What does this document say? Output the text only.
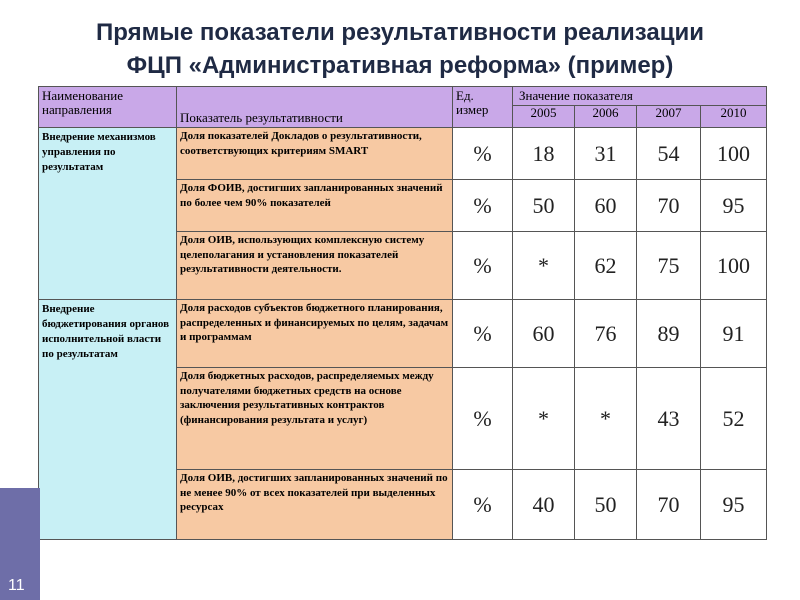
Прямые показатели результативности реализации
ФЦП «Административная реформа» (пример)
Наименование направления	Показатель результативности	Ед. измер	Значение показателя			

			2005	2006	2007	2010

Внедрение механизмов управления по результатам	Доля показателей Докладов о результативности, соответствующих критериям SMART	%	18	31	54	100

	Доля ФОИВ, достигших запланированных значений по более чем 90% показателей	%	50	60	70	95

	Доля ОИВ, использующих комплексную систему целеполагания и установления показателей результативности деятельности.	%	*	62	75	100

Внедрение бюджетирования органов исполнительной власти по результатам	Доля расходов субъектов бюджетного планирования, распределенных и финансируемых по целям, задачам и программам	%	60	76	89	91

	Доля бюджетных расходов, распределяемых между получателями бюджетных средств на основе заключения результативных контрактов (финансирования результата и услуг)	%	*	*	43	52

	Доля ОИВ, достигших запланированных значений по не менее 90% от всех показателей при выделенных ресурсах	%	40	50	70	95
11
